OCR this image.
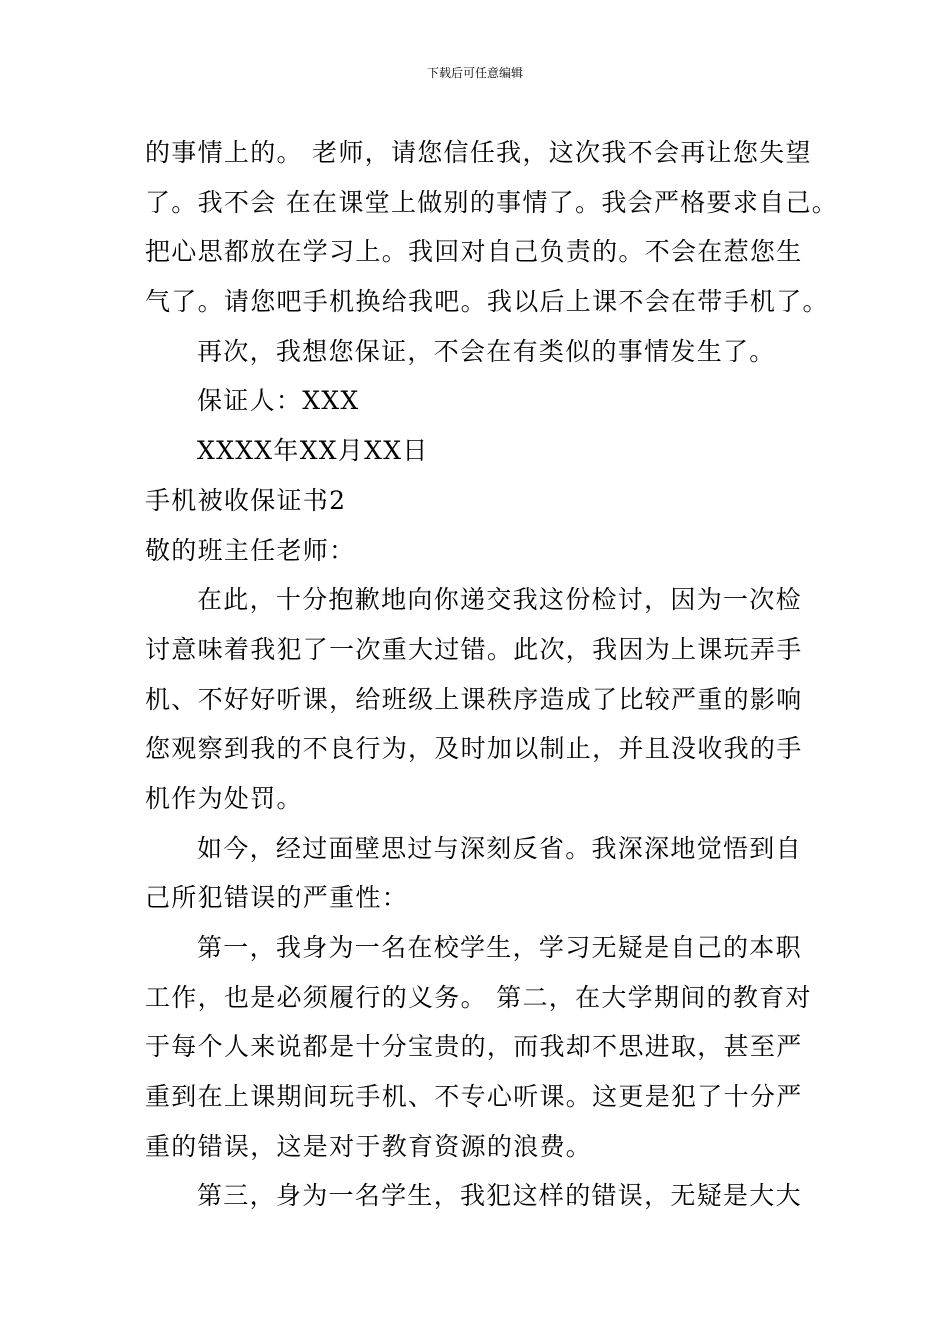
下载后可任意编辑
的事情上的。 老师，请您信任我，这次我不会再让您失望
了。我不会 在在课堂上做别的事情了。我会严格要求自己。
把心思都放在学习上。我回对自己负责的。不会在惹您生
气了。请您吧手机换给我吧。我以后上课不会在带手机了。
再次，我想您保证，不会在有类似的事情发生了。
保证人：XXX
XXXX年XX月XX日
手机被收保证书2
敬的班主任老师：
在此，十分抱歉地向你递交我这份检讨，因为一次检
讨意味着我犯了一次重大过错。此次，我因为上课玩弄手
机、不好好听课，给班级上课秩序造成了比较严重的影响
您观察到我的不良行为，及时加以制止，并且没收我的手
机作为处罚。
如今，经过面壁思过与深刻反省。我深深地觉悟到自
己所犯错误的严重性：
第一，我身为一名在校学生，学习无疑是自己的本职
工作，也是必须履行的义务。 第二，在大学期间的教育对
于每个人来说都是十分宝贵的，而我却不思进取，甚至严
重到在上课期间玩手机、不专心听课。这更是犯了十分严
重的错误，这是对于教育资源的浪费。
第三，身为一名学生，我犯这样的错误，无疑是大大
